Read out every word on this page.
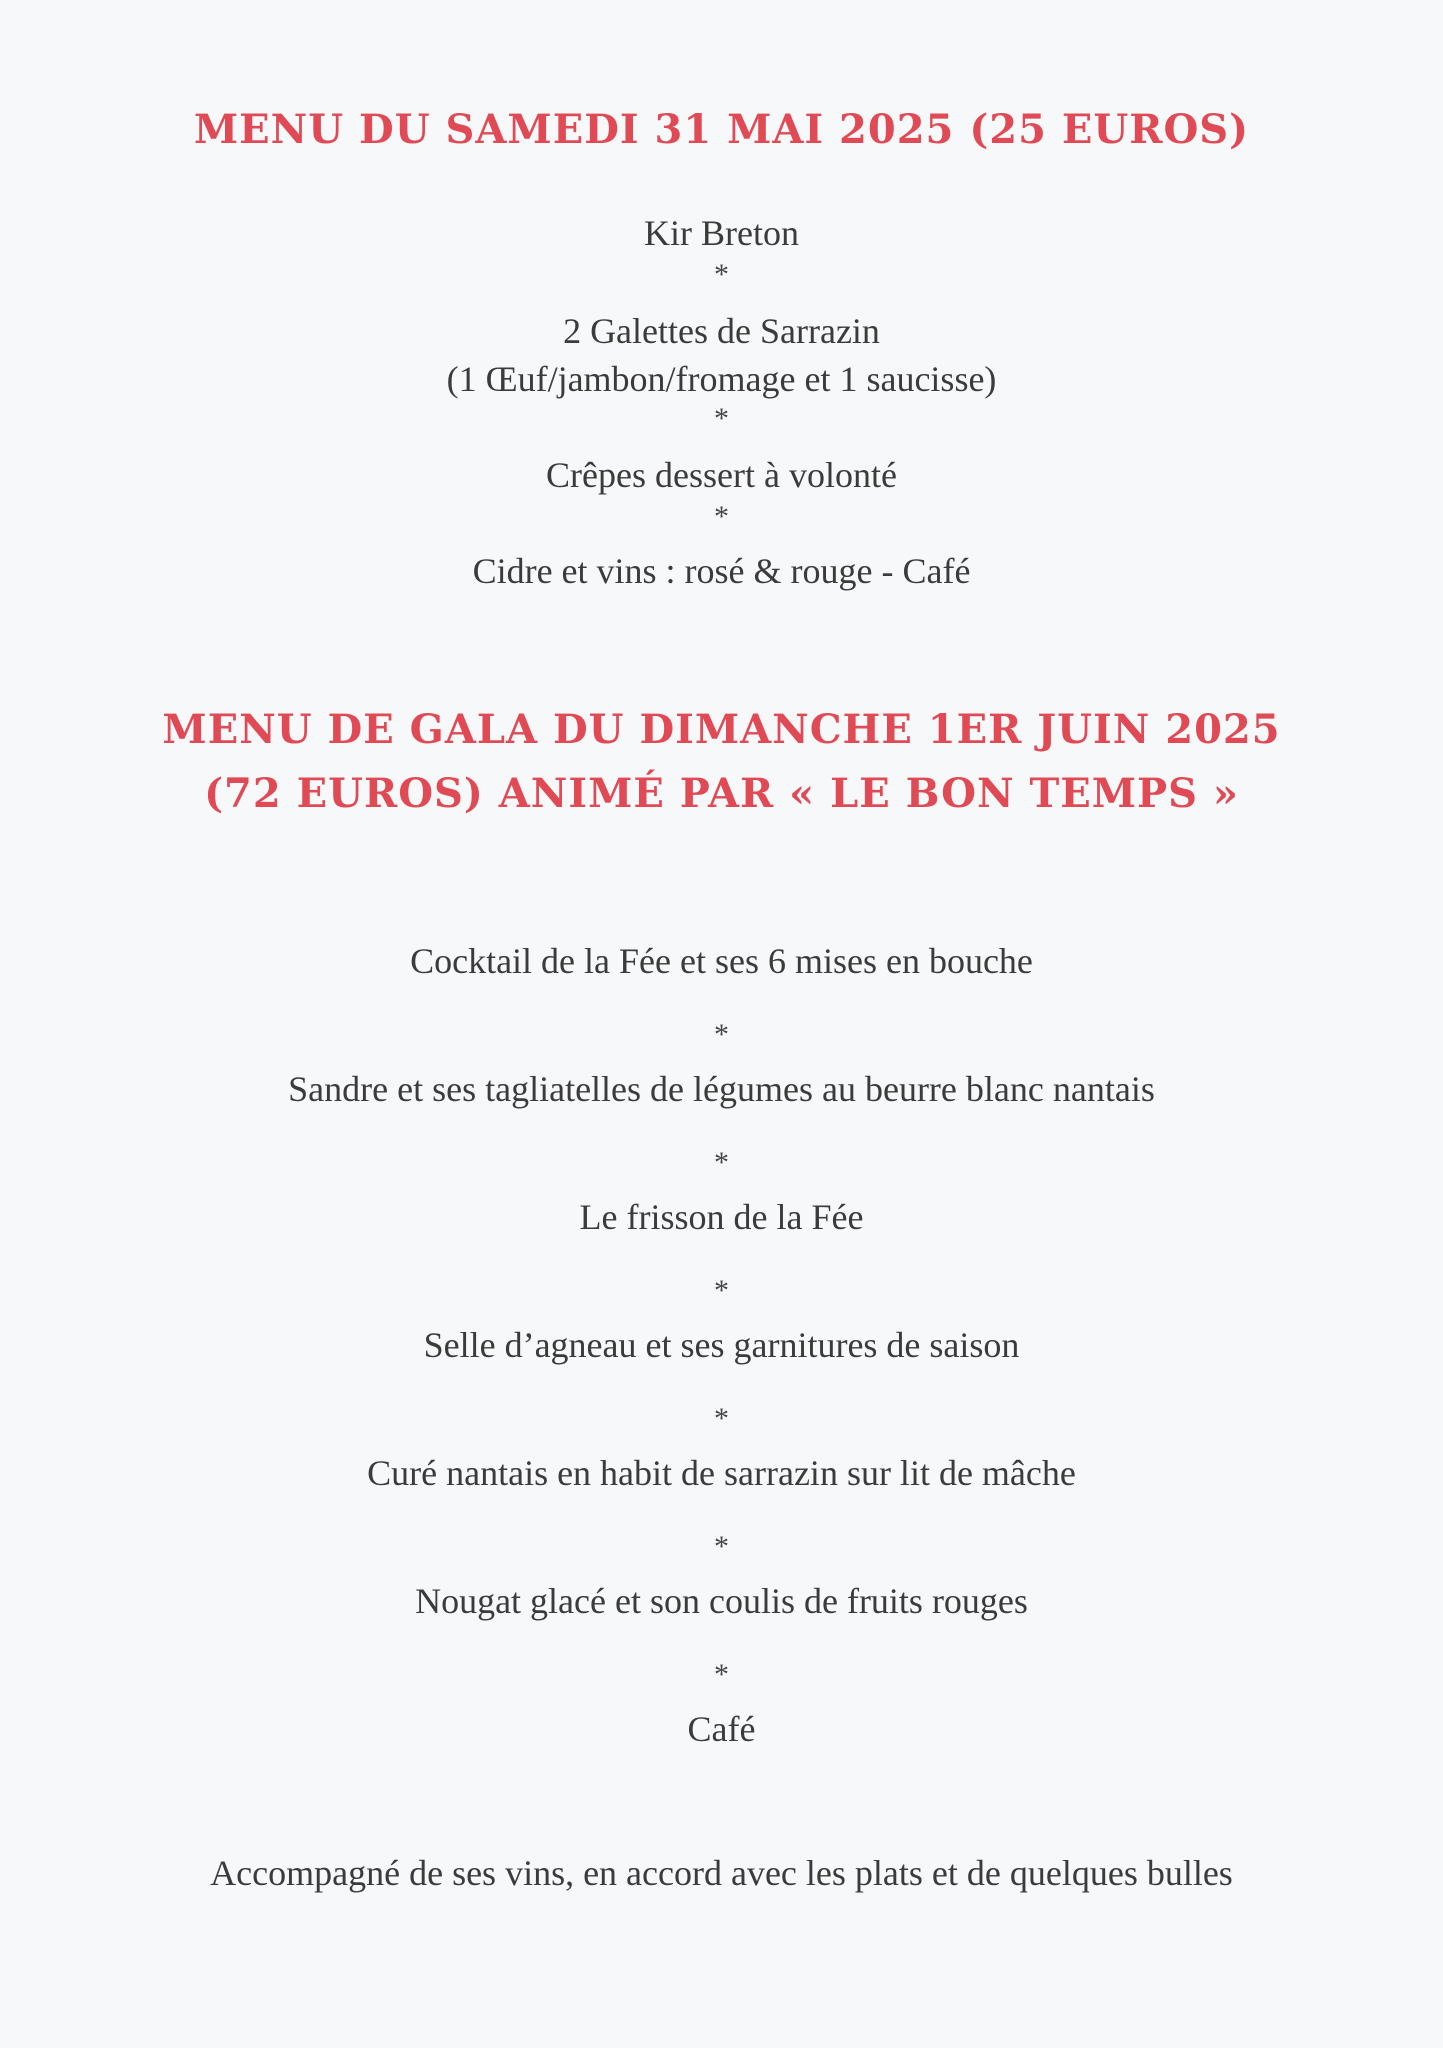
MENU DU SAMEDI 31 MAI 2025 (25 EUROS)
Kir Breton
*
2 Galettes de Sarrazin
(1 Œuf/jambon/fromage et 1 saucisse)
*
Crêpes dessert à volonté
*
Cidre et vins : rosé & rouge - Café
MENU DE GALA DU DIMANCHE 1ER JUIN 2025
(72 EUROS) ANIMÉ PAR « LE BON TEMPS »
Cocktail de la Fée et ses 6 mises en bouche
*
Sandre et ses tagliatelles de légumes au beurre blanc nantais
*
Le frisson de la Fée
*
Selle d’agneau et ses garnitures de saison
*
Curé nantais en habit de sarrazin sur lit de mâche
*
Nougat glacé et son coulis de fruits rouges
*
Café
Accompagné de ses vins, en accord avec les plats et de quelques bulles
